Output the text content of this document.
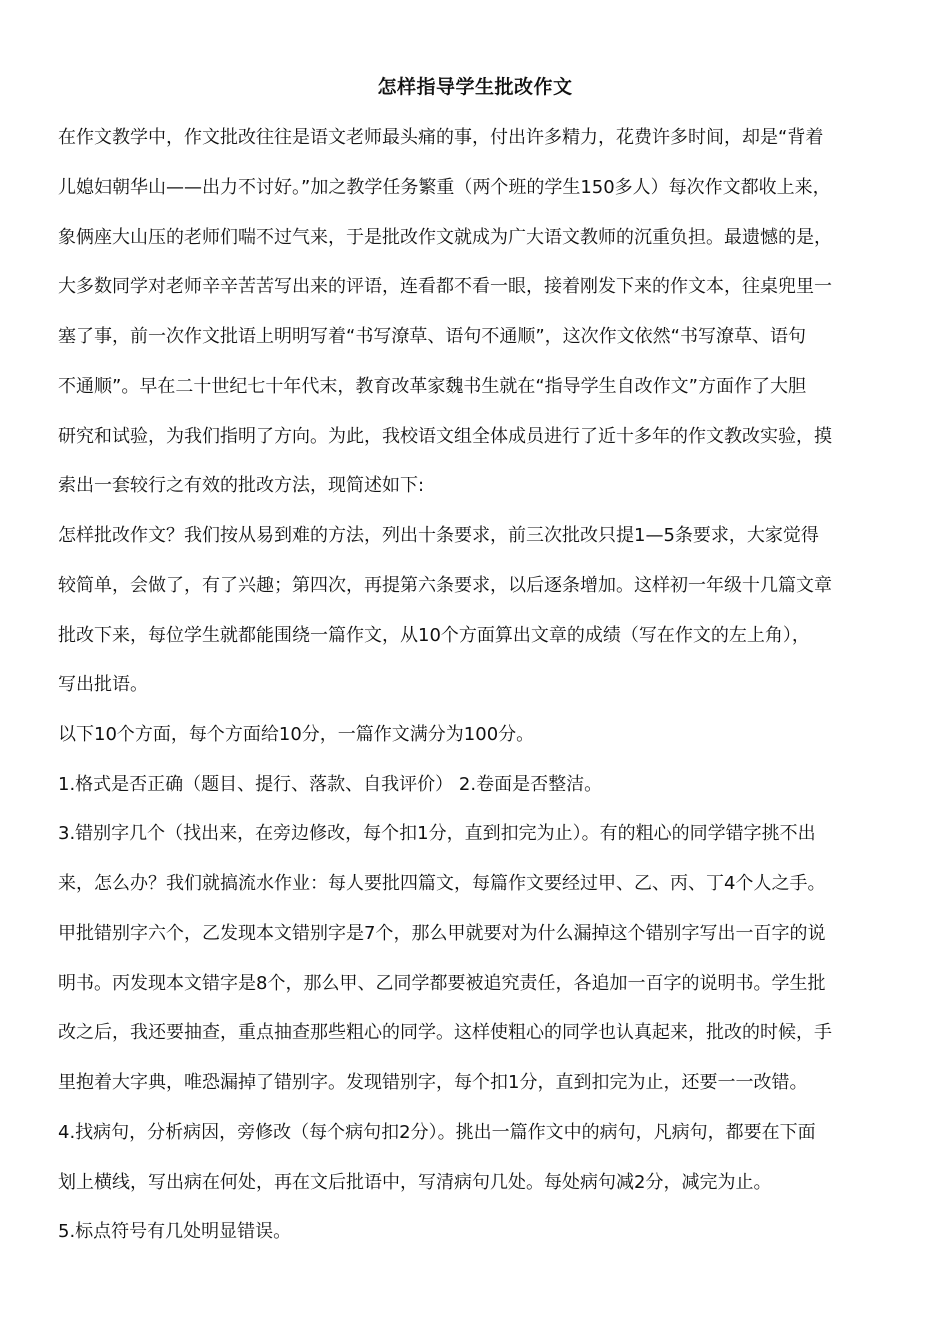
怎样指导学生批改作文
在作文教学中，作文批改往往是语文老师最头痛的事，付出许多精力，花费许多时间，却是“背着
儿媳妇朝华山——出力不讨好。”加之教学任务繁重（两个班的学生150多人）每次作文都收上来，
象俩座大山压的老师们喘不过气来，于是批改作文就成为广大语文教师的沉重负担。最遗憾的是，
大多数同学对老师辛辛苦苦写出来的评语，连看都不看一眼，接着刚发下来的作文本，往桌兜里一
塞了事，前一次作文批语上明明写着“书写潦草、语句不通顺”，这次作文依然“书写潦草、语句
不通顺”。早在二十世纪七十年代末，教育改革家魏书生就在“指导学生自改作文”方面作了大胆
研究和试验，为我们指明了方向。为此，我校语文组全体成员进行了近十多年的作文教改实验，摸
索出一套较行之有效的批改方法，现简述如下:
怎样批改作文？我们按从易到难的方法，列出十条要求，前三次批改只提1—5条要求，大家觉得
较简单，会做了，有了兴趣；第四次，再提第六条要求，以后逐条增加。这样初一年级十几篇文章
批改下来，每位学生就都能围绕一篇作文，从10个方面算出文章的成绩（写在作文的左上角），
写出批语。
以下10个方面，每个方面给10分，一篇作文满分为100分。
1.格式是否正确（题目、提行、落款、自我评价） 2.卷面是否整洁。
3.错别字几个（找出来，在旁边修改，每个扣1分，直到扣完为止）。有的粗心的同学错字挑不出
来，怎么办？我们就搞流水作业：每人要批四篇文，每篇作文要经过甲、乙、丙、丁4个人之手。
甲批错别字六个，乙发现本文错别字是7个，那么甲就要对为什么漏掉这个错别字写出一百字的说
明书。丙发现本文错字是8个，那么甲、乙同学都要被追究责任，各追加一百字的说明书。学生批
改之后，我还要抽查，重点抽查那些粗心的同学。这样使粗心的同学也认真起来，批改的时候，手
里抱着大字典，唯恐漏掉了错别字。发现错别字，每个扣1分，直到扣完为止，还要一一改错。
4.找病句，分析病因，旁修改（每个病句扣2分）。挑出一篇作文中的病句，凡病句，都要在下面
划上横线，写出病在何处，再在文后批语中，写清病句几处。每处病句减2分，减完为止。
5.标点符号有几处明显错误。
